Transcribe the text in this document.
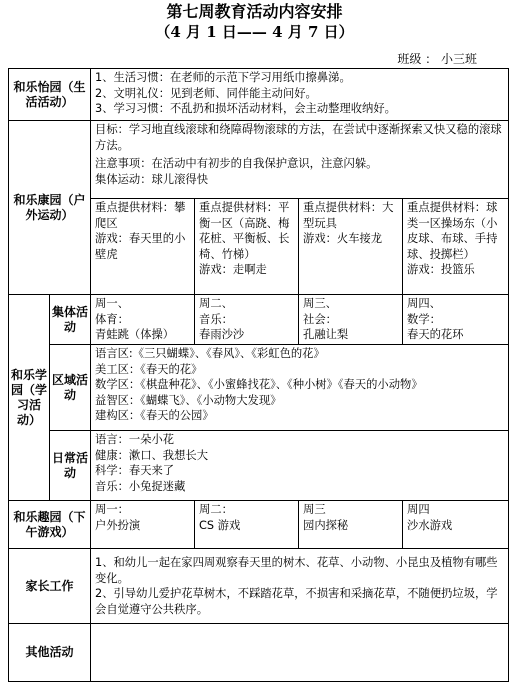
第七周教育活动内容安排
（4 月 1 日—— 4 月 7 日）
班级 ： 小三班
和乐怡园（生活活动）		1、生活习惯：在老师的示范下学习用纸巾擦鼻涕。
2、文明礼仪：见到老师、同伴能主动问好。
3、学习习惯：不乱扔和损坏活动材料，会主动整理收纳好。			

和乐康园（户外运动）		目标：学习地直线滚球和绕障碍物滚球的方法，在尝试中逐渐探索又快又稳的滚球方法。
注意事项：在活动中有初步的自我保护意识，注意闪躲。
集体运动：球儿滚得快			

		重点提供材料：攀爬区
游戏：春天里的小壁虎	重点提供材料：平衡一区（高跷、梅花桩、平衡板、长椅、竹梯）
游戏：走啊走	重点提供材料：大型玩具
游戏：火车接龙	重点提供材料：球类一区操场东（小皮球、布球、手持球、投掷栏）
游戏：投篮乐

和乐学园（学习活动）	集体活动	周一、
体育：
青蛙跳（体操）	周二、
音乐：
春雨沙沙	周三、
社会：
孔融让梨	周四、
数学：
春天的花环

	区域活动	语言区:《三只蝴蝶》、《春风》、《彩虹色的花》
美工区：《春天的花》
数学区：《棋盘种花》、《小蜜蜂找花》、《种小树》《春天的小动物》
益智区：《蝴蝶飞》、《小动物大发现》
建构区：《春天的公园》			

	日常活动	语言：一朵小花
健康：漱口、我想长大
科学：春天来了
音乐：小兔捉迷藏			

和乐趣园（下午游戏）		周一：
户外扮演	周二：
CS 游戏	周三
园内探秘	周四
沙水游戏

家长工作		1、和幼儿一起在家四周观察春天里的树木、花草、小动物、小昆虫及植物有哪些变化。
2、引导幼儿爱护花草树木，不踩踏花草，不损害和采摘花草，不随便扔垃圾，学会自觉遵守公共秩序。			

其他活动					
